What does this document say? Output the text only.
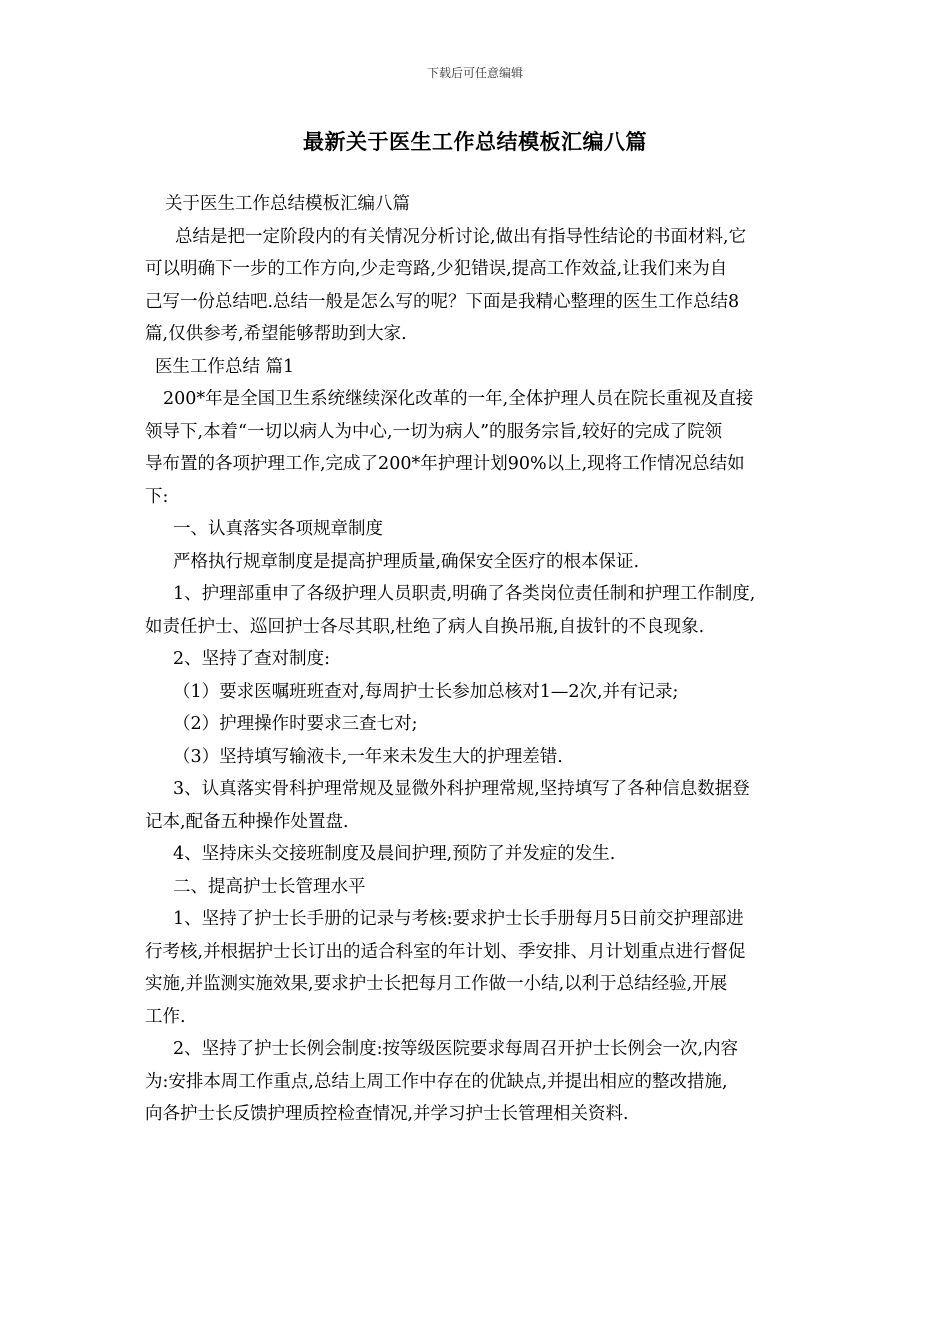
下载后可任意编辑
最新关于医生工作总结模板汇编八篇
关于医生工作总结模板汇编八篇
总结是把一定阶段内的有关情况分析讨论,做出有指导性结论的书面材料,它
可以明确下一步的工作方向,少走弯路,少犯错误,提高工作效益,让我们来为自
己写一份总结吧.总结一般是怎么写的呢？下面是我精心整理的医生工作总结8
篇,仅供参考,希望能够帮助到大家.
医生工作总结 篇1
200*年是全国卫生系统继续深化改革的一年,全体护理人员在院长重视及直接
领导下,本着“一切以病人为中心,一切为病人”的服务宗旨,较好的完成了院领
导布置的各项护理工作,完成了200*年护理计划90%以上,现将工作情况总结如
下:
一、认真落实各项规章制度
严格执行规章制度是提高护理质量,确保安全医疗的根本保证.
1、护理部重申了各级护理人员职责,明确了各类岗位责任制和护理工作制度,
如责任护士、巡回护士各尽其职,杜绝了病人自换吊瓶,自拔针的不良现象.
2、坚持了查对制度:
（1）要求医嘱班班查对,每周护士长参加总核对1—2次,并有记录;
（2）护理操作时要求三查七对;
（3）坚持填写输液卡,一年来未发生大的护理差错.
3、认真落实骨科护理常规及显微外科护理常规,坚持填写了各种信息数据登
记本,配备五种操作处置盘.
4、坚持床头交接班制度及晨间护理,预防了并发症的发生.
二、提高护士长管理水平
1、坚持了护士长手册的记录与考核:要求护士长手册每月5日前交护理部进
行考核,并根据护士长订出的适合科室的年计划、季安排、月计划重点进行督促
实施,并监测实施效果,要求护士长把每月工作做一小结,以利于总结经验,开展
工作.
2、坚持了护士长例会制度:按等级医院要求每周召开护士长例会一次,内容
为:安排本周工作重点,总结上周工作中存在的优缺点,并提出相应的整改措施,
向各护士长反馈护理质控检查情况,并学习护士长管理相关资料.
